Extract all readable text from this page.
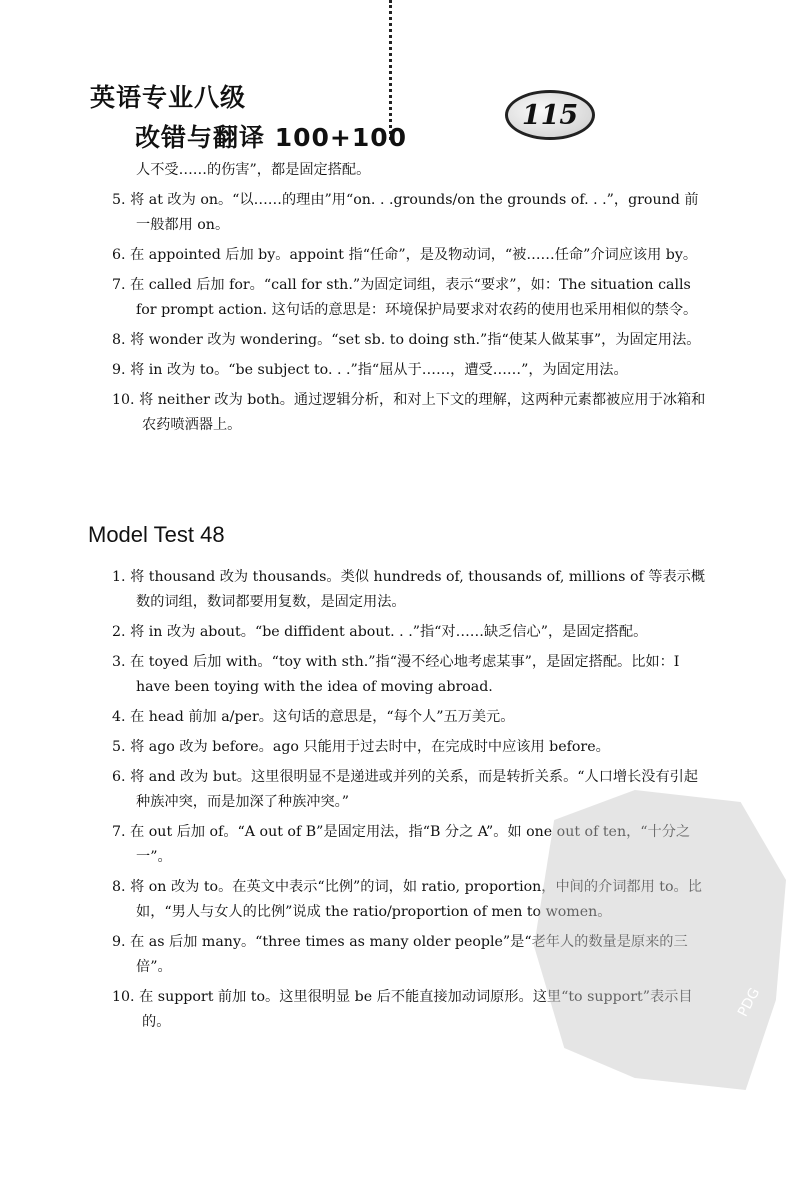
英语专业八级
改错与翻译 100+100
115

人不受……的伤害”，都是固定搭配。

5. 将 at 改为 on。“以……的理由”用“on. . .grounds/on the grounds of. . .”，ground 前一般都用 on。

6. 在 appointed 后加 by。appoint 指“任命”，是及物动词，“被……任命”介词应该用 by。

7. 在 called 后加 for。“call for sth.”为固定词组，表示“要求”，如：The situation calls for prompt action. 这句话的意思是：环境保护局要求对农药的使用也采用相似的禁令。

8. 将 wonder 改为 wondering。“set sb. to doing sth.”指“使某人做某事”，为固定用法。

9. 将 in 改为 to。“be subject to. . .”指“屈从于……，遭受……”，为固定用法。

10. 将 neither 改为 both。通过逻辑分析，和对上下文的理解，这两种元素都被应用于冰箱和农药喷洒器上。

Model Test 48

1. 将 thousand 改为 thousands。类似 hundreds of, thousands of, millions of 等表示概数的词组，数词都要用复数，是固定用法。

2. 将 in 改为 about。“be diffident about. . .”指“对……缺乏信心”，是固定搭配。

3. 在 toyed 后加 with。“toy with sth.”指“漫不经心地考虑某事”，是固定搭配。比如：I have been toying with the idea of moving abroad.

4. 在 head 前加 a/per。这句话的意思是，“每个人”五万美元。

5. 将 ago 改为 before。ago 只能用于过去时中，在完成时中应该用 before。

6. 将 and 改为 but。这里很明显不是递进或并列的关系，而是转折关系。“人口增长没有引起种族冲突，而是加深了种族冲突。”

7. 在 out 后加 of。“A out of B”是固定用法，指“B 分之 A”。如 one out of ten，“十分之一”。

8. 将 on 改为 to。在英文中表示“比例”的词，如 ratio, proportion，中间的介词都用 to。比如，“男人与女人的比例”说成 the ratio/proportion of men to women。

9. 在 as 后加 many。“three times as many older people”是“老年人的数量是原来的三倍”。

10. 在 support 前加 to。这里很明显 be 后不能直接加动词原形。这里“to support”表示目的。

PDG
